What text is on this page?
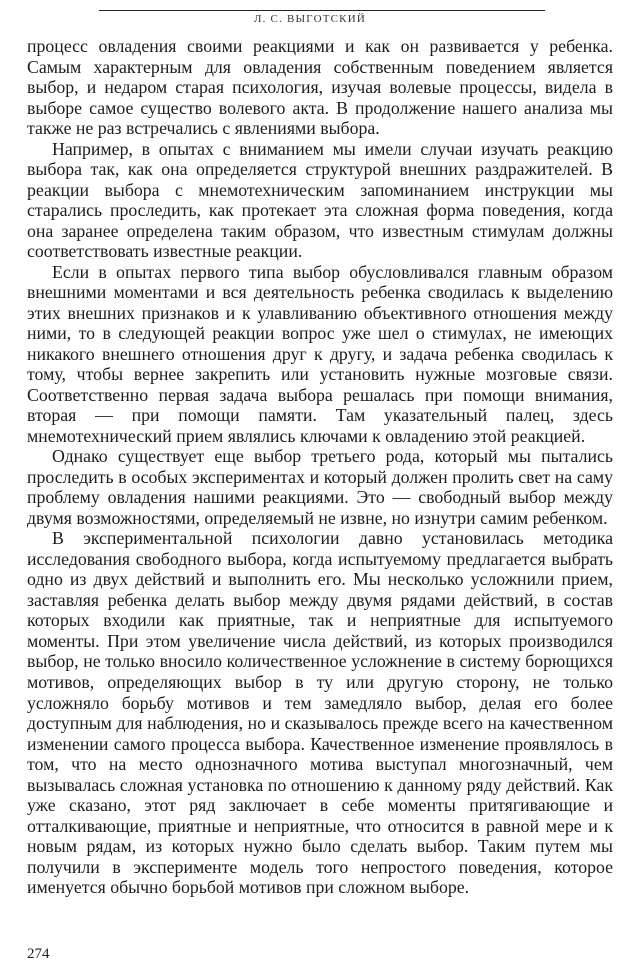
Л. С. ВЫГОТСКИЙ

процесс овладения своими реакциями и как он развивается у ребенка. Самым характерным для овладения собственным поведением является выбор, и недаром старая психология, изучая волевые процессы, видела в выборе самое существо волевого акта. В продолжение нашего анализа мы также не раз встречались с явлениями выбора.

Например, в опытах с вниманием мы имели случаи изучать реакцию выбора так, как она определяется структурой внешних раздражителей. В реакции выбора с мнемотехническим запоминанием инструкции мы старались проследить, как протекает эта сложная форма поведения, когда она заранее определена таким образом, что известным стимулам должны соответствовать известные реакции.

Если в опытах первого типа выбор обусловливался главным образом внешними моментами и вся деятельность ребенка сводилась к выделению этих внешних признаков и к улавливанию объективного отношения между ними, то в следующей реакции вопрос уже шел о стимулах, не имеющих никакого внешнего отношения друг к другу, и задача ребенка сводилась к тому, чтобы вернее закрепить или установить нужные мозговые связи. Соответственно первая задача выбора решалась при помощи внимания, вторая — при помощи памяти. Там указательный палец, здесь мнемотехнический прием являлись ключами к овладению этой реакцией.

Однако существует еще выбор третьего рода, который мы пытались проследить в особых экспериментах и который должен пролить свет на саму проблему овладения нашими реакциями. Это — свободный выбор между двумя возможностями, определяемый не извне, но изнутри самим ребенком.

В экспериментальной психологии давно установилась методика исследования свободного выбора, когда испытуемому предлагается выбрать одно из двух действий и выполнить его. Мы несколько усложнили прием, заставляя ребенка делать выбор между двумя рядами действий, в состав которых входили как приятные, так и неприятные для испытуемого моменты. При этом увеличение числа действий, из которых производился выбор, не только вносило количественное усложнение в систему борющихся мотивов, определяющих выбор в ту или другую сторону, не только усложняло борьбу мотивов и тем замедляло выбор, делая его более доступным для наблюдения, но и сказывалось прежде всего на качественном изменении самого процесса выбора. Качественное изменение проявлялось в том, что на место однозначного мотива выступал многозначный, чем вызывалась сложная установка по отношению к данному ряду действий. Как уже сказано, этот ряд заключает в себе моменты притягивающие и отталкивающие, приятные и неприятные, что относится в равной мере и к новым рядам, из которых нужно было сделать выбор. Таким путем мы получили в эксперименте модель того непростого поведения, которое именуется обычно борьбой мотивов при сложном выборе.

274
